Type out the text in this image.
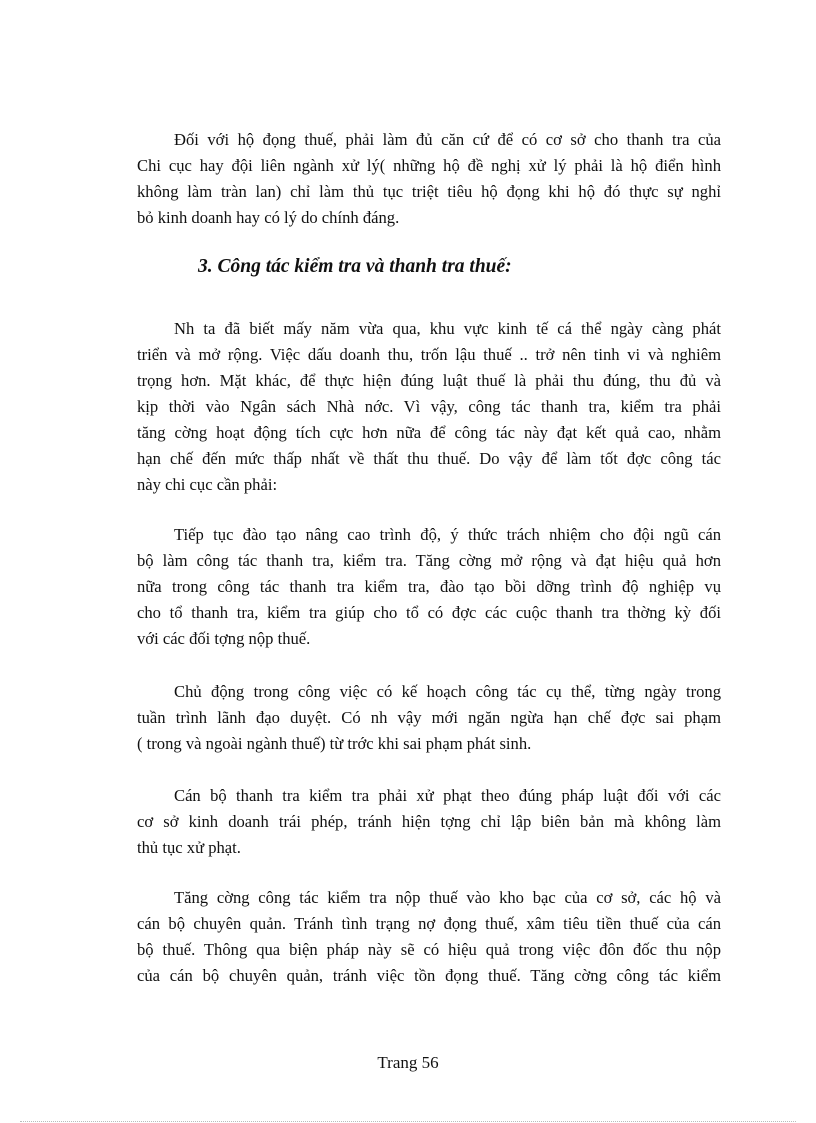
Đối với hộ đọng thuế, phải làm đủ căn cứ để có cơ sở cho thanh tra của
Chi cục hay đội liên ngành xử lý( những hộ đề nghị xử lý phải là hộ điển hình
không làm tràn lan) chỉ làm thủ tục triệt tiêu hộ đọng khi hộ đó thực sự nghỉ
bỏ kinh doanh hay có lý do chính đáng.
3. Công tác kiểm tra và thanh tra thuế:
Nh ta đã biết mấy năm vừa qua, khu vực kinh tế cá thể ngày càng phát
triển và mở rộng. Việc dấu doanh thu, trốn lậu thuế .. trở nên tinh vi và nghiêm
trọng hơn. Mặt khác, để thực hiện đúng luật thuế là phải thu đúng, thu đủ và
kịp thời vào Ngân sách Nhà nớc. Vì vậy, công tác thanh tra, kiểm tra phải
tăng cờng hoạt động tích cực hơn nữa để công tác này đạt kết quả cao, nhằm
hạn chế đến mức thấp nhất về thất thu thuế. Do vậy để làm tốt đợc công tác
này chi cục cần phải:
Tiếp tục đào tạo nâng cao trình độ, ý thức trách nhiệm cho đội ngũ cán
bộ làm công tác thanh tra, kiểm tra. Tăng cờng mở rộng và đạt hiệu quả hơn
nữa trong công tác thanh tra kiểm tra, đào tạo bồi dỡng trình độ nghiệp vụ
cho tổ thanh tra, kiểm tra giúp cho tổ có đợc các cuộc thanh tra thờng kỳ đối
với các đối tợng nộp thuế.
Chủ động trong công việc có kế hoạch công tác cụ thể, từng ngày trong
tuần trình lãnh đạo duyệt. Có nh vậy mới ngăn ngừa hạn chế đợc sai phạm
( trong và ngoài ngành thuế) từ trớc khi sai phạm phát sinh.
Cán bộ thanh tra kiểm tra phải xử phạt theo đúng pháp luật đối với các
cơ sở kinh doanh trái phép, tránh hiện tợng chỉ lập biên bản mà không làm
thủ tục xử phạt.
Tăng cờng công tác kiểm tra nộp thuế vào kho bạc của cơ sở, các hộ và
cán bộ chuyên quản. Tránh tình trạng nợ đọng thuế, xâm tiêu tiền thuế của cán
bộ thuế. Thông qua biện pháp này sẽ có hiệu quả trong việc đôn đốc thu nộp
của cán bộ chuyên quản, tránh việc tồn đọng thuế. Tăng cờng công tác kiểm
Trang 56
